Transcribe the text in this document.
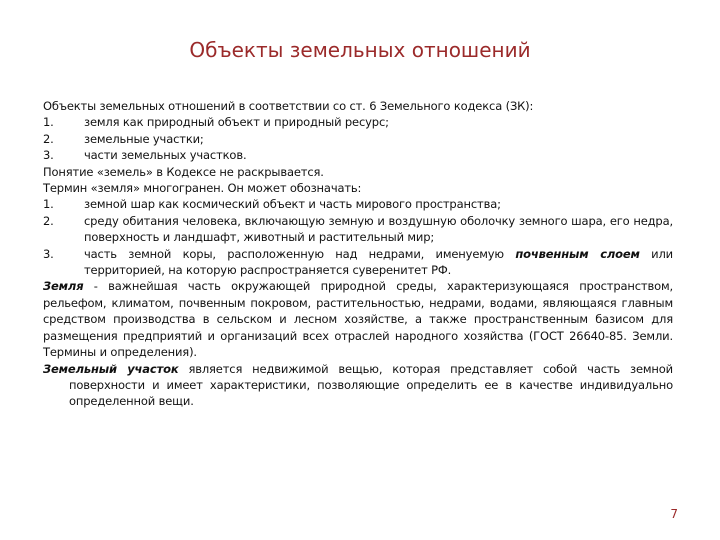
Объекты земельных отношений

Объекты земельных отношений в соответствии со ст. 6 Земельного кодекса (ЗК):

1.	земля как природный объект и природный ресурс;
2.	земельные участки;
3.	части земельных участков.

Понятие «земель» в Кодексе не раскрывается.

Термин «земля» многогранен. Он может обозначать:

1.	земной шар как космический объект и часть мирового пространства;
2.	среду обитания человека, включающую земную и воздушную оболочку земного шара, его недра, поверхность и ландшафт, животный и растительный мир;
3.	часть земной коры, расположенную над недрами, именуемую почвенным слоем или территорией, на которую распространяется суверенитет РФ.

Земля - важнейшая часть окружающей природной среды, характеризующаяся пространством, рельефом, климатом, почвенным покровом, растительностью, недрами, водами, являющаяся главным средством производства в сельском и лесном хозяйстве, а также пространственным базисом для размещения предприятий и организаций всех отраслей народного хозяйства (ГОСТ 26640-85. Земли. Термины и определения).

Земельный участок является недвижимой вещью, которая представляет собой часть земной поверхности и имеет характеристики, позволяющие определить ее в качестве индивидуально определенной вещи.

7
